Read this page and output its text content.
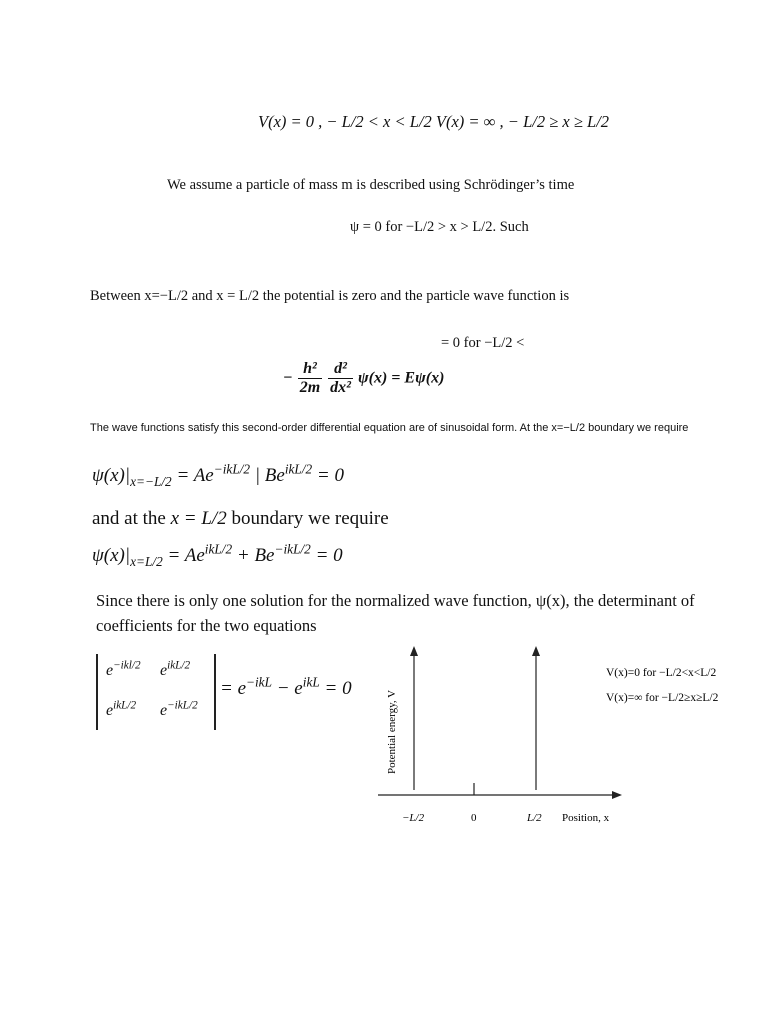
V(x) = 0 , − L/2 < x < L/2 V(x) = ∞ , − L/2 ≥ x ≥ L/2
We assume a particle of mass m is described using Schrödinger’s time
ψ = 0 for −L/2 > x > L/2. Such
Between x=−L/2 and x = L/2 the potential is zero and the particle wave function is
= 0 for −L/2 <
− $\frac{\text{h²}}{2m}$
$\frac{\text{d²}}{\text{dx²}} \psi(x) = E\psi(x)$
The wave functions satisfy this second-order differential equation are of sinusoidal form. At the x=−L/2 boundary we require
$\psi(x)|_{x=-L/2} = Ae^{-ikL/2}$ | $Be^{ikL/2} = 0$
and at the x = L/2 boundary we require
$\psi(x)|_{x=L/2} = Ae^{ikL/2} + Be^{-ikL/2} = 0$
Since there is only one solution for the normalized wave function, ψ(x), the determinant of coefficients for the two equations
$e^{-ikl/2}$ $e^{ikL/2}$
$e^{ikL/2}$ $e^{-ikL/2}$
= $e^{-ikL} - e^{ikL} = 0$
Potential energy, V
−L/2	0	L/2 Position, x
V(x)=0 for −L/2<x<L/2
V(x)=∞ for −L/2≥x≥L/2
